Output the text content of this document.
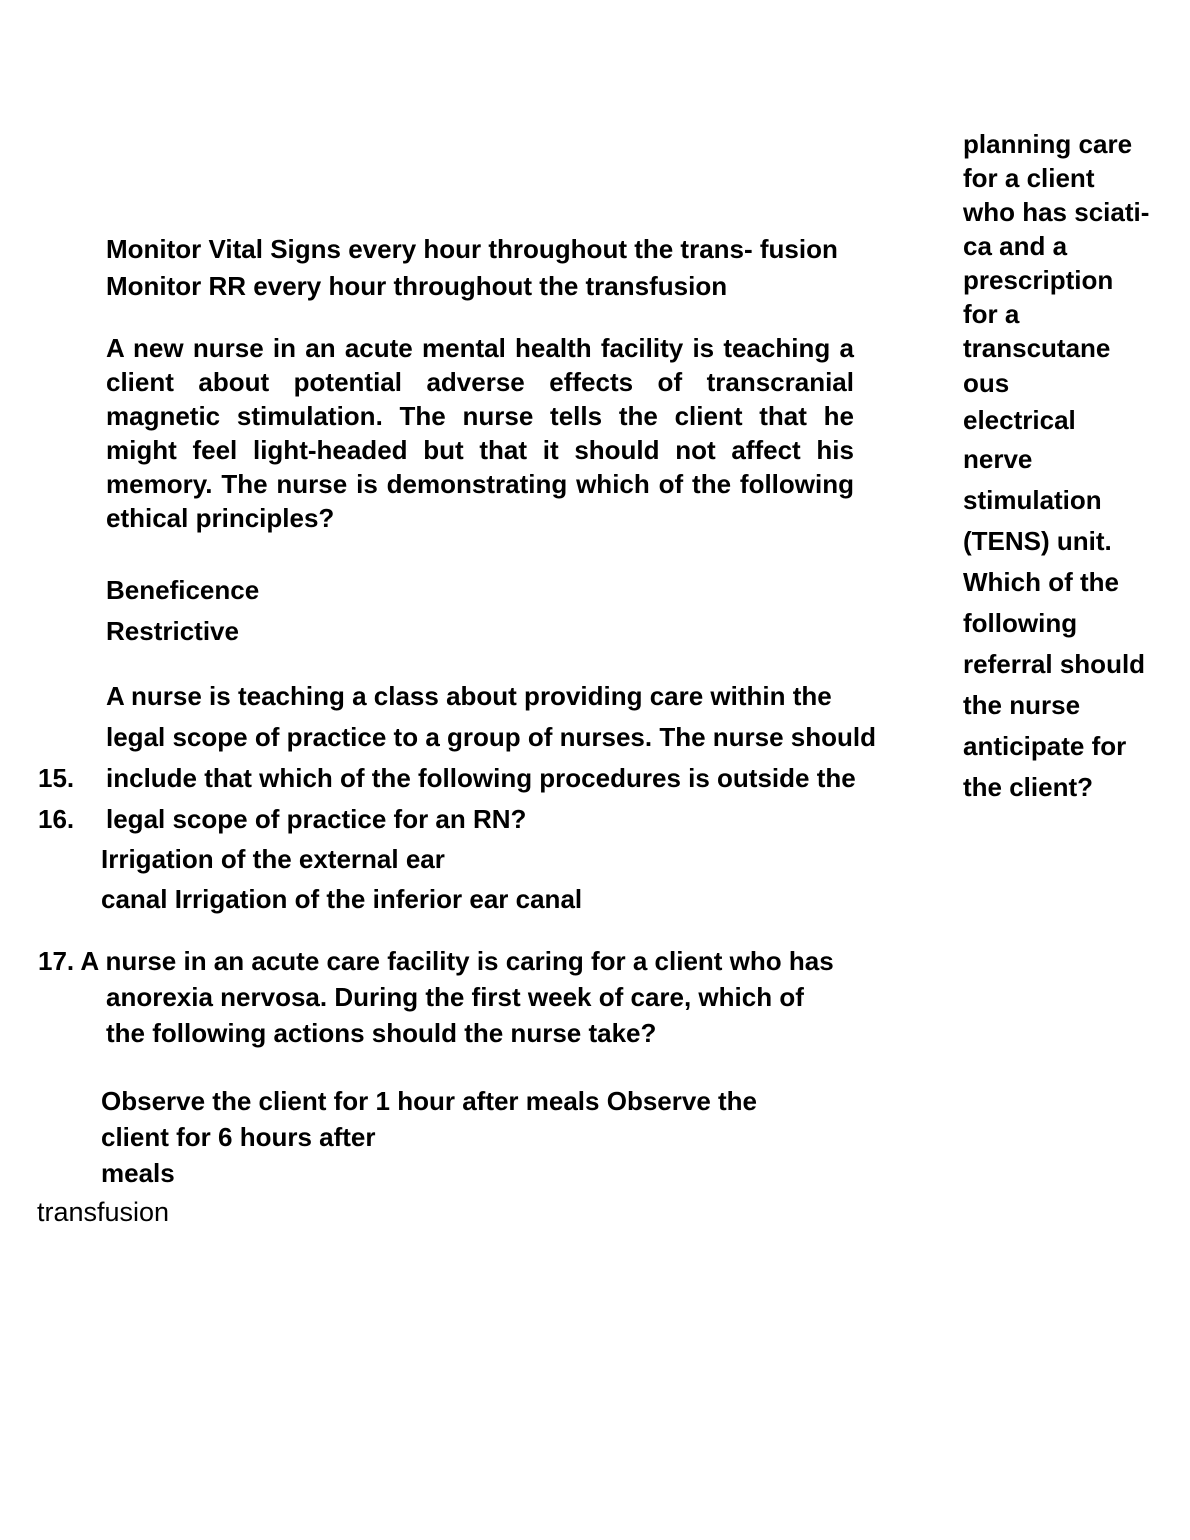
Monitor Vital Signs every hour throughout the trans- fusion
Monitor RR every hour throughout the transfusion

A new nurse in an acute mental health facility is teaching a client about potential adverse effects of transcranial magnetic stimulation. The nurse tells the client that he might feel light-headed but that it should not affect his memory. The nurse is demonstrating which of the following ethical principles?

Beneficence
Restrictive
A nurse is teaching a class about providing care within the
legal scope of practice to a group of nurses. The nurse should
include that which of the following procedures is outside the
legal scope of practice for an RN?
15.
16.
Irrigation of the external ear
canal Irrigation of the inferior ear canal
17. A nurse in an acute care facility is caring for a client who has
anorexia nervosa. During the first week of care, which of
the following actions should the nurse take?
Observe the client for 1 hour after meals Observe the
client for 6 hours after
meals
transfusion
planning care
for a client
who has sciati-
ca and a
prescription
for a
transcutane
ous
electrical
nerve
stimulation
(TENS) unit.
Which of the
following
referral should
the nurse
anticipate for
the client?
